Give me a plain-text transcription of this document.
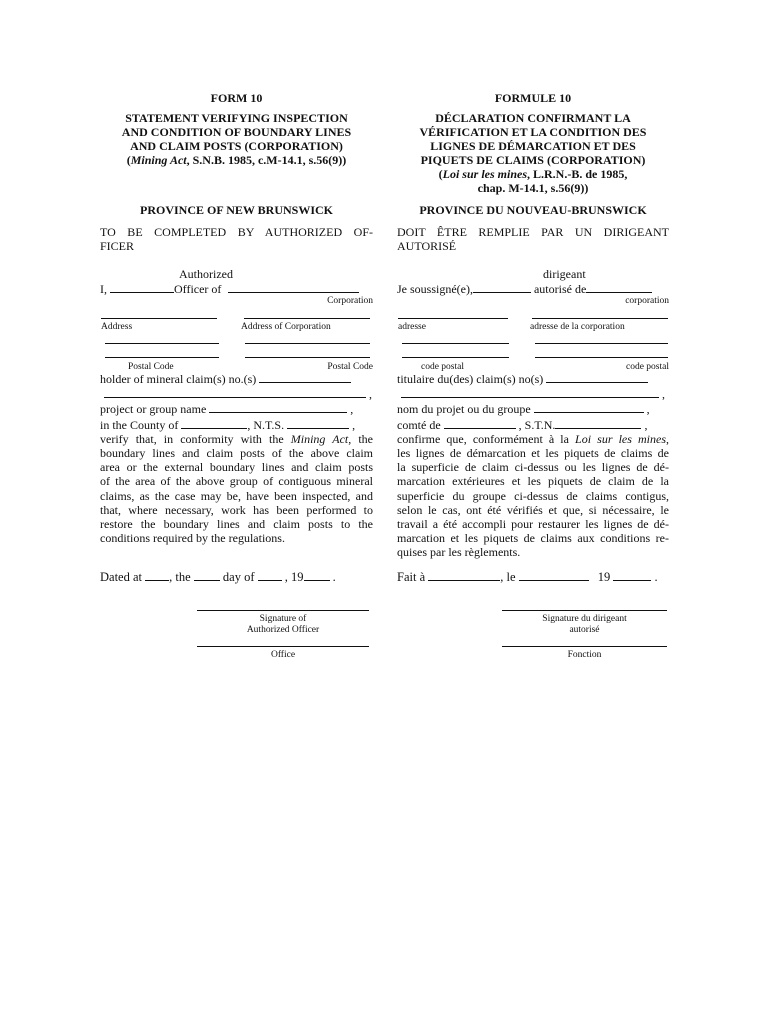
FORM 10
STATEMENT VERIFYING INSPECTION
AND CONDITION OF BOUNDARY LINES
AND CLAIM POSTS (CORPORATION)
(Mining Act, S.N.B. 1985, c.M-14.1, s.56(9))
PROVINCE OF NEW BRUNSWICK
TO BE COMPLETED BY AUTHORIZED OF-
FICER
Authorized
I,	Officer of
Corporation
Address	Address of Corporation
Postal Code	Postal Code
holder of mineral claim(s) no.(s)
,
project or group name	,
in the County of	, N.T.S.	,
verify that, in conformity with the Mining Act, the
boundary lines and claim posts of the above claim
area or the external boundary lines and claim posts
of the area of the above group of contiguous mineral
claims, as the case may be, have been inspected, and
that, where necessary, work has been performed to
restore the boundary lines and claim posts to the
conditions required by the regulations.
Dated at , the	day of , 19 .
Signature of
Authorized Officer
Office
FORMULE 10
DÉCLARATION CONFIRMANT LA
VÉRIFICATION ET LA CONDITION DES
LIGNES DE DÉMARCATION ET DES
PIQUETS DE CLAIMS (CORPORATION)
(Loi sur les mines, L.R.N.-B. de 1985,
chap. M-14.1, s.56(9))
PROVINCE DU NOUVEAU-BRUNSWICK
DOIT ÊTRE REMPLIE PAR UN DIRIGEANT
AUTORISÉ
dirigeant
Je soussigné(e),	autorisé de
corporation
adresse	adresse de la corporation
code postal	code postal
titulaire du(des) claim(s) no(s)
,
nom du projet ou du groupe	,
comté de	, S.T.N.	,
confirme que, conformément à la Loi sur les mines,
les lignes de démarcation et les piquets de claims de
la superficie de claim ci-dessus ou les lignes de dé-
marcation extérieures et les piquets de claim de la
superficie du groupe ci-dessus de claims contigus,
selon le cas, ont été vérifiés et que, si nécessaire, le
travail a été accompli pour restaurer les lignes de dé-
marcation et les piquets de claims aux conditions re-
quises par les règlements.
Fait à	, le	19	.
Signature du dirigeant
autorisé
Fonction
